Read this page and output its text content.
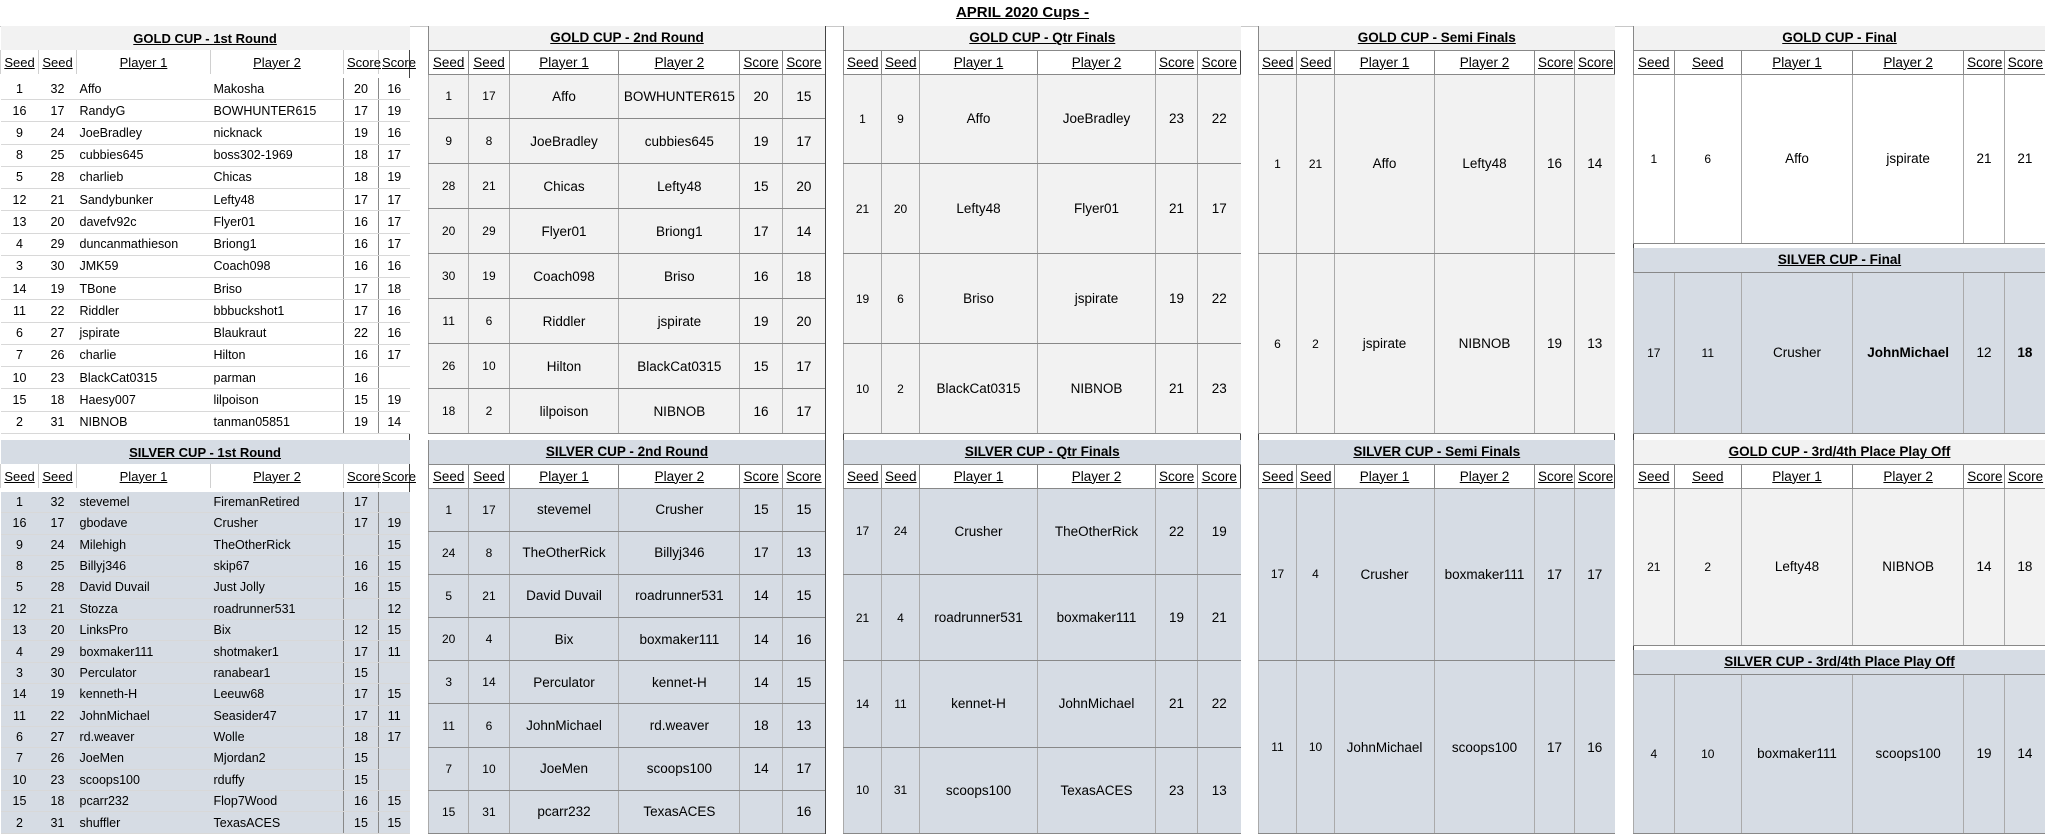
APRIL 2020 Cups -
GOLD CUP - 1st Round					
Seed	Seed	Player 1	Player 2	Score	Score

1	32	Affo	Makosha	20	16
16	17	RandyG	BOWHUNTER615	17	19
9	24	JoeBradley	nicknack	19	16
8	25	cubbies645	boss302-1969	18	17
5	28	charlieb	Chicas	18	19
12	21	Sandybunker	Lefty48	17	17
13	20	davefv92c	Flyer01	16	17
4	29	duncanmathieson	Briong1	16	17
3	30	JMK59	Coach098	16	16
14	19	TBone	Briso	17	18
11	22	Riddler	bbbuckshot1	17	16
6	27	jspirate	Blaukraut	22	16
7	26	charlie	Hilton	16	17
10	23	BlackCat0315	parman	16	
15	18	Haesy007	lilpoison	15	19
2	31	NIBNOB	tanman05851	19	14
SILVER CUP - 1st Round					
Seed	Seed	Player 1	Player 2	Score	Score

1	32	stevemel	FiremanRetired	17	
16	17	gbodave	Crusher	17	19
9	24	Milehigh	TheOtherRick		15
8	25	Billyj346	skip67	16	15
5	28	David Duvail	Just Jolly	16	15
12	21	Stozza	roadrunner531		12
13	20	LinksPro	Bix	12	15
4	29	boxmaker111	shotmaker1	17	11
3	30	Perculator	ranabear1	15	
14	19	kenneth-H	Leeuw68	17	15
11	22	JohnMichael	Seasider47	17	11
6	27	rd.weaver	Wolle	18	17
7	26	JoeMen	Mjordan2	15	
10	23	scoops100	rduffy	15	
15	18	pcarr232	Flop7Wood	16	15
2	31	shuffler	TexasACES	15	15
GOLD CUP - 2nd Round					
Seed	Seed	Player 1	Player 2	Score	Score
1	17	Affo	BOWHUNTER615	20	15
9	8	JoeBradley	cubbies645	19	17
28	21	Chicas	Lefty48	15	20
20	29	Flyer01	Briong1	17	14
30	19	Coach098	Briso	16	18
11	6	Riddler	jspirate	19	20
26	10	Hilton	BlackCat0315	15	17
18	2	lilpoison	NIBNOB	16	17
SILVER CUP - 2nd Round					
Seed	Seed	Player 1	Player 2	Score	Score
1	17	stevemel	Crusher	15	15
24	8	TheOtherRick	Billyj346	17	13
5	21	David Duvail	roadrunner531	14	15
20	4	Bix	boxmaker111	14	16
3	14	Perculator	kennet-H	14	15
11	6	JohnMichael	rd.weaver	18	13
7	10	JoeMen	scoops100	14	17
15	31	pcarr232	TexasACES		16
GOLD CUP - Qtr Finals					
Seed	Seed	Player 1	Player 2	Score	Score
1	9	Affo	JoeBradley	23	22
21	20	Lefty48	Flyer01	21	17
19	6	Briso	jspirate	19	22
10	2	BlackCat0315	NIBNOB	21	23
SILVER CUP - Qtr Finals					
Seed	Seed	Player 1	Player 2	Score	Score
17	24	Crusher	TheOtherRick	22	19
21	4	roadrunner531	boxmaker111	19	21
14	11	kennet-H	JohnMichael	21	22
10	31	scoops100	TexasACES	23	13
GOLD CUP - Semi Finals					
Seed	Seed	Player 1	Player 2	Score	Score
1	21	Affo	Lefty48	16	14
6	2	jspirate	NIBNOB	19	13
SILVER CUP - Semi Finals					
Seed	Seed	Player 1	Player 2	Score	Score
17	4	Crusher	boxmaker111	17	17
11	10	JohnMichael	scoops100	17	16
GOLD CUP - Final					
Seed	Seed	Player 1	Player 2	Score	Score
1	6	Affo	jspirate	21	21
SILVER CUP - Final
17	11	Crusher	JohnMichael	12	18
GOLD CUP - 3rd/4th Place Play Off					
Seed	Seed	Player 1	Player 2	Score	Score
21	2	Lefty48	NIBNOB	14	18
SILVER CUP - 3rd/4th Place Play Off
4	10	boxmaker111	scoops100	19	14
